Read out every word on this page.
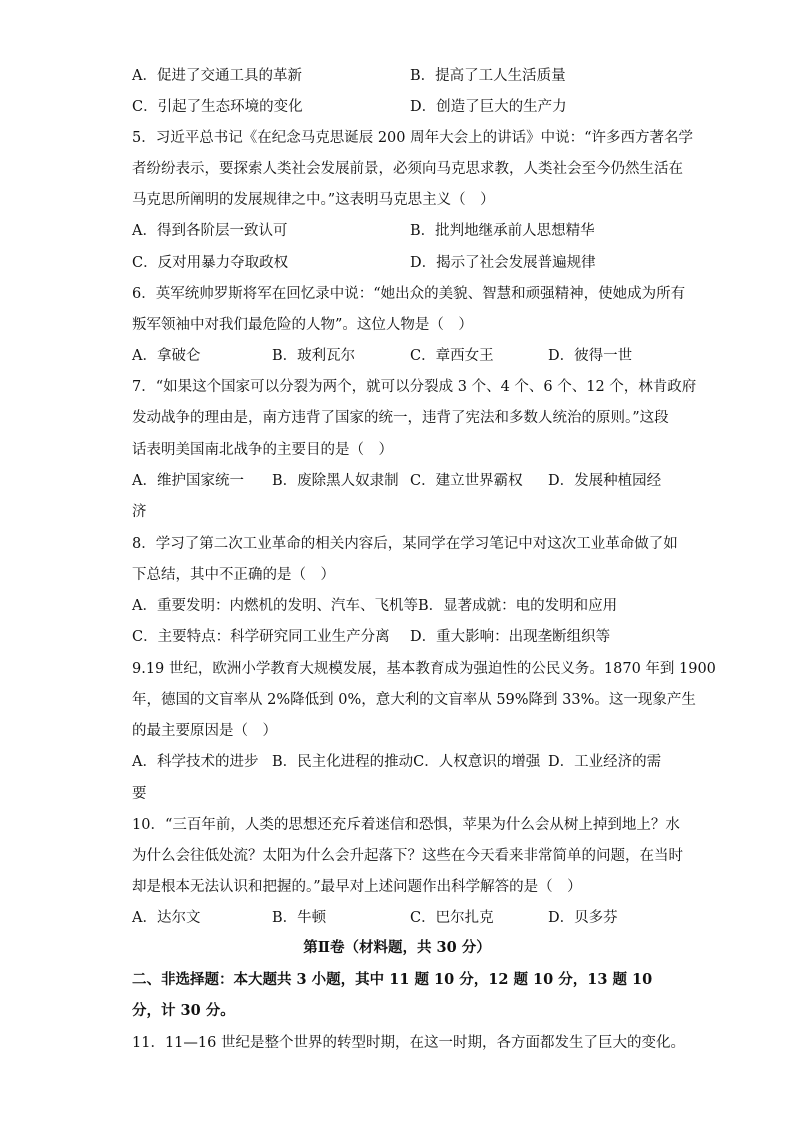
A．促进了交通工具的革新	B．提高了工人生活质量
C．引起了生态环境的变化	D．创造了巨大的生产力
5．习近平总书记《在纪念马克思诞辰 200 周年大会上的讲话》中说：“许多西方著名学
者纷纷表示，要探索人类社会发展前景，必须向马克思求教，人类社会至今仍然生活在
马克思所阐明的发展规律之中。”这表明马克思主义（　）
A．得到各阶层一致认可	B．批判地继承前人思想精华
C．反对用暴力夺取政权	D．揭示了社会发展普遍规律
6．英军统帅罗斯将军在回忆录中说：“她出众的美貌、智慧和顽强精神，使她成为所有
叛军领袖中对我们最危险的人物”。这位人物是（　）
A．拿破仑	B．玻利瓦尔	C．章西女王	D．彼得一世
7．“如果这个国家可以分裂为两个，就可以分裂成 3 个、4 个、6 个、12 个，林肯政府
发动战争的理由是，南方违背了国家的统一，违背了宪法和多数人统治的原则。”这段
话表明美国南北战争的主要目的是（　）
A．维护国家统一 B．废除黑人奴隶制 C．建立世界霸权 D．发展种植园经
济
8．学习了第二次工业革命的相关内容后，某同学在学习笔记中对这次工业革命做了如
下总结，其中不正确的是（　）
A．重要发明：内燃机的发明、汽车、飞机等B．显著成就：电的发明和应用
C．主要特点：科学研究同工业生产分离 D．重大影响：出现垄断组织等
9.19 世纪，欧洲小学教育大规模发展，基本教育成为强迫性的公民义务。1870 年到 1900
年，德国的文盲率从 2%降低到 0%，意大利的文盲率从 59%降到 33%。这一现象产生
的最主要原因是（　）
A．科学技术的进步 B．民主化进程的推动C．人权意识的增强 D．工业经济的需
要
10．“三百年前，人类的思想还充斥着迷信和恐惧，苹果为什么会从树上掉到地上？水
为什么会往低处流？太阳为什么会升起落下？这些在今天看来非常简单的问题，在当时
却是根本无法认识和把握的。”最早对上述问题作出科学解答的是（　）
A．达尔文	B．牛顿	C．巴尔扎克	D．贝多芬
第Ⅱ卷（材料题，共 30 分）
二、非选择题：本大题共 3 小题，其中 11 题 10 分，12 题 10 分，13 题 10
分，计 30 分。
11．11—16 世纪是整个世界的转型时期，在这一时期，各方面都发生了巨大的变化。
